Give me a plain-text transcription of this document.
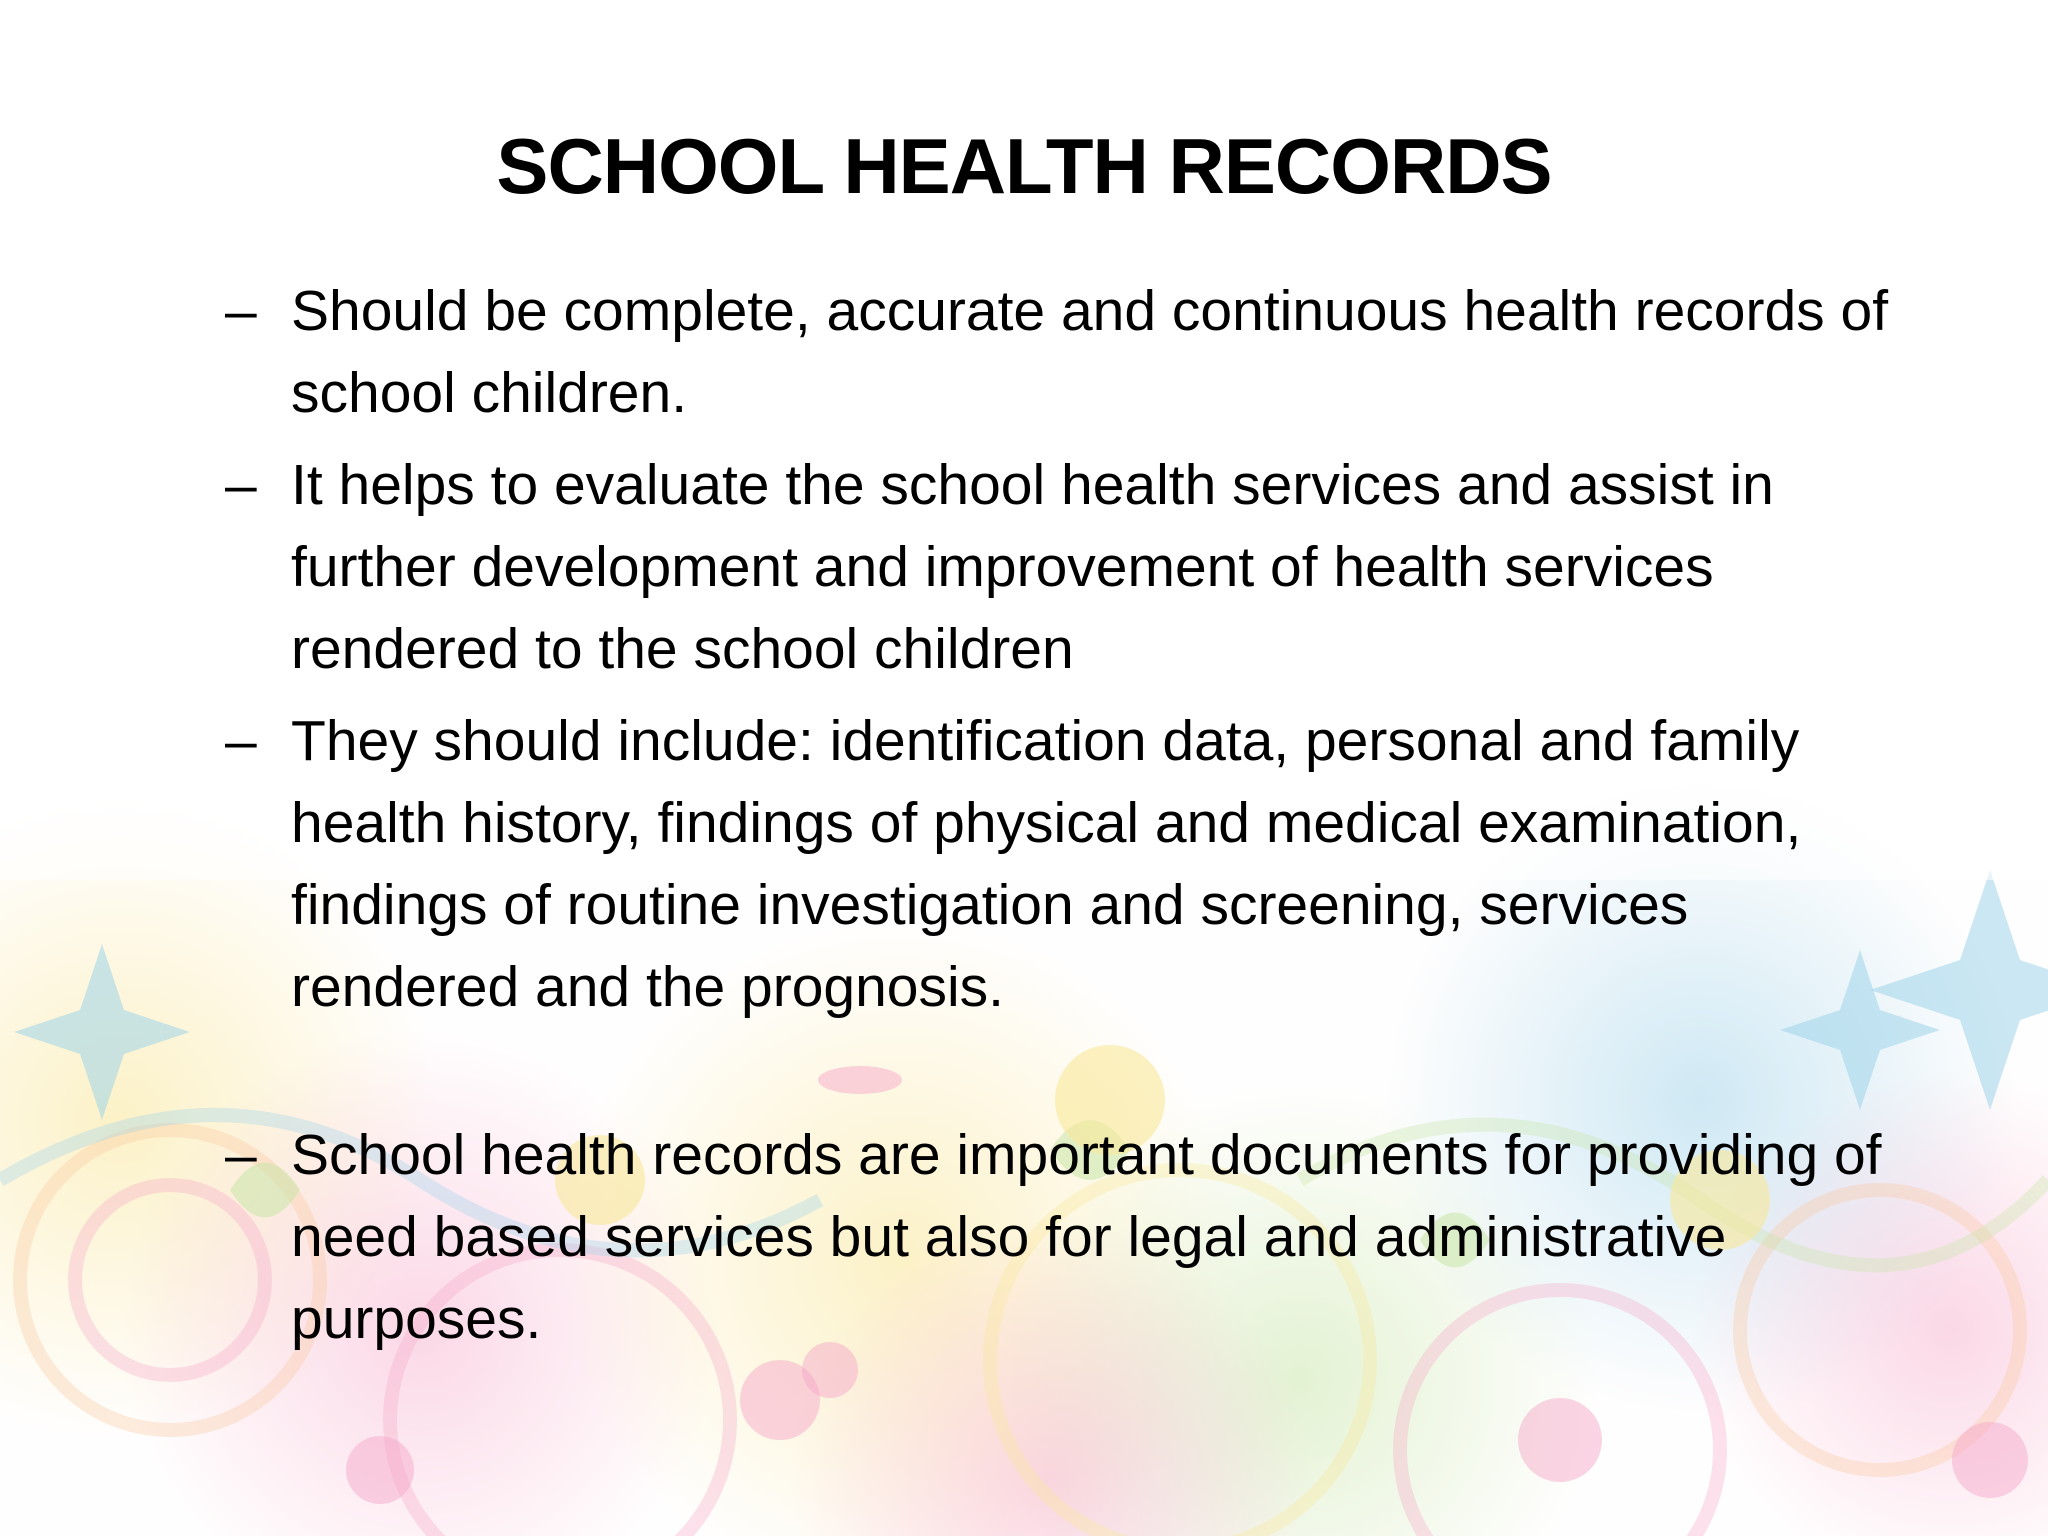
SCHOOL HEALTH RECORDS
– Should be complete, accurate and continuous health records of school children.
– It helps to evaluate the school health services and assist in further development and improvement of health services rendered to the school children
– They should include: identification data, personal and family health history, findings of physical and medical examination, findings of routine investigation and screening, services rendered and the prognosis.
– School health records are important documents for providing of need based services but also for legal and administrative purposes.
